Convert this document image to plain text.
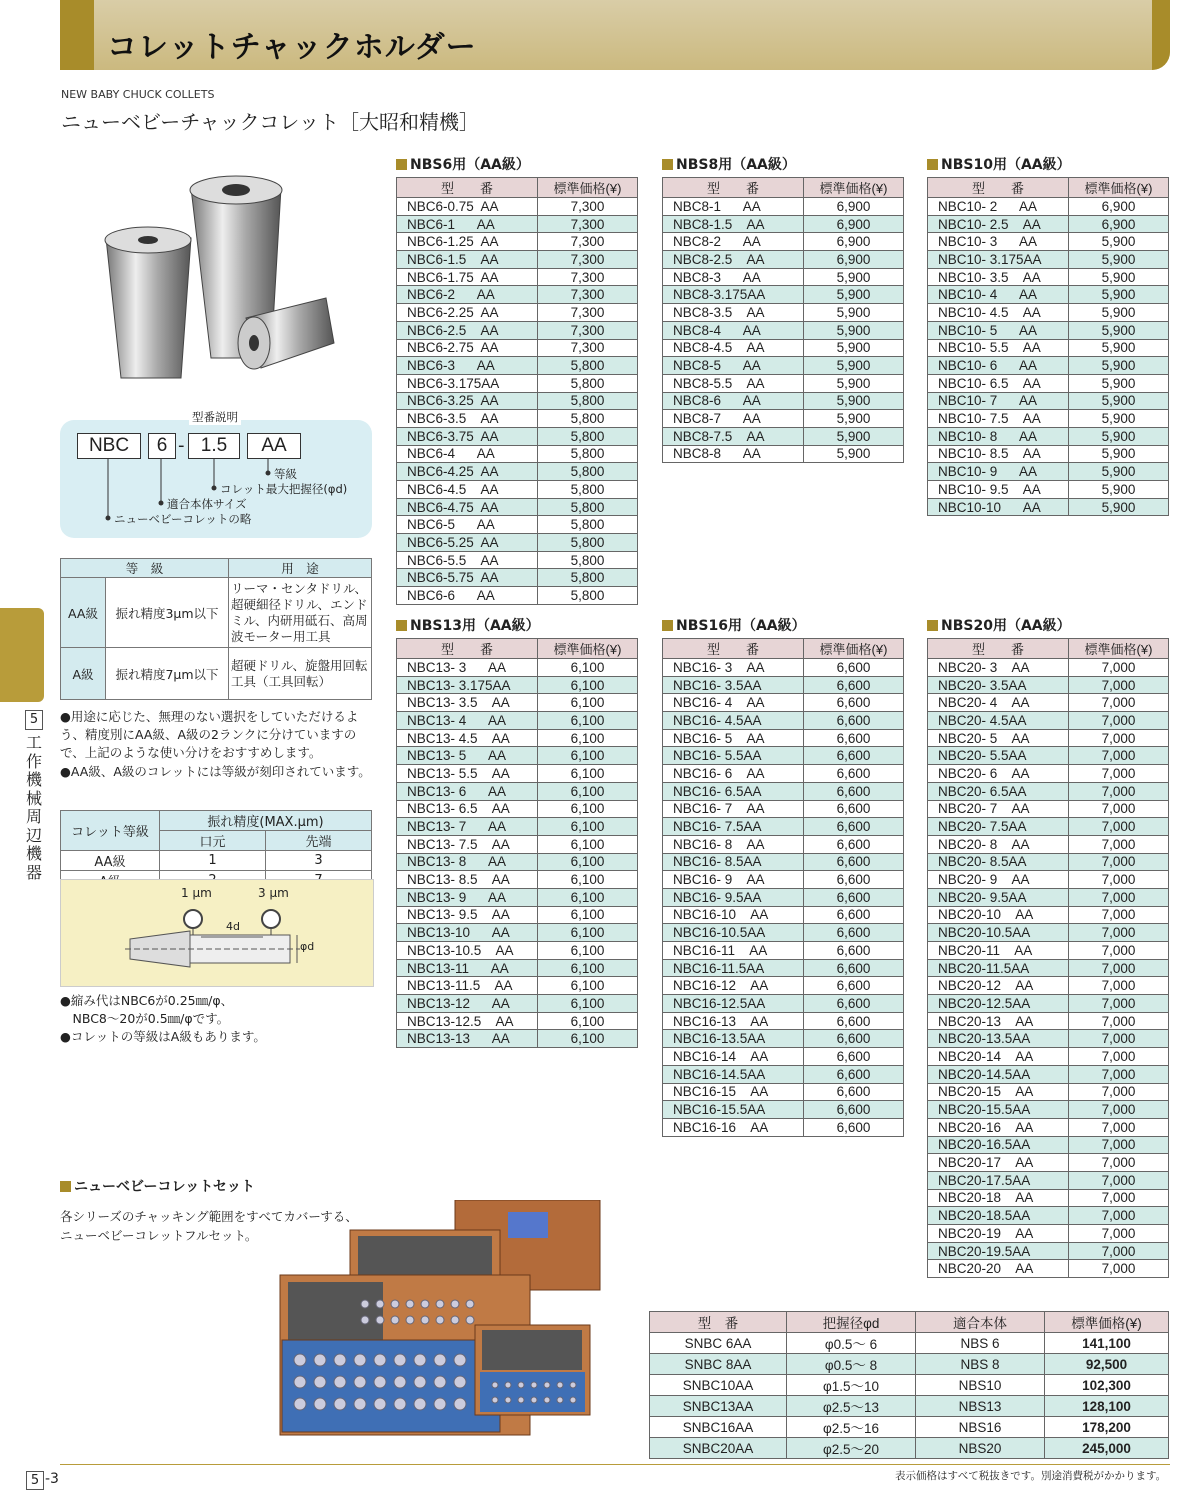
コレットチャックホルダー
NEW BABY CHUCK COLLETS
ニューベビーチャックコレット［大昭和精機］
5
工作機械周辺機器
型番説明
NBC	6 - 1.5	AA
等級
コレット最大把握径(φd)
適合本体サイズ
ニューベビーコレットの略
等　級		用　途
AA級	振れ精度3μm以下	リーマ・センタドリル、超硬細径ドリル、エンドミル、内研用砥石、高周波モーター用工具
A級	振れ精度7μm以下	超硬ドリル、旋盤用回転工具（工具回転）
●用途に応じた、無理のない選択をしていただけるよう、精度別にAA級、A級の2ランクに分けていますので、上記のような使い分けをおすすめします。
●AA級、A級のコレットには等級が刻印されています。
コレット等級	振れ精度(MAX.μm)	
	口元	先端
AA級	1	3

1 μm	3 μm
4d
φd
●縮み代はNBC6が0.25㎜/φ、
　NBC8～20が0.5㎜/φです。
●コレットの等級はA級もあります。
NBS6用（AA級）	NBS8用（AA級）	NBS10用（AA級）
NBS13用（AA級）	NBS16用（AA級）	NBS20用（AA級）
型　　番	標準価格(¥)
NBC6-0.75  AA	7,300
NBC6-1      AA	7,300
NBC6-1.25  AA	7,300
NBC6-1.5    AA	7,300
NBC6-1.75  AA	7,300
NBC6-2      AA	7,300
NBC6-2.25  AA	7,300
NBC6-2.5    AA	7,300
NBC6-2.75  AA	7,300
NBC6-3      AA	5,800
NBC6-3.175AA	5,800
NBC6-3.25  AA	5,800
NBC6-3.5    AA	5,800
NBC6-3.75  AA	5,800
NBC6-4      AA	5,800
NBC6-4.25  AA	5,800
NBC6-4.5    AA	5,800
NBC6-4.75  AA	5,800
NBC6-5      AA	5,800
NBC6-5.25  AA	5,800
NBC6-5.5    AA	5,800
NBC6-5.75  AA	5,800
NBC6-6      AA	5,800
型　　番	標準価格(¥)
NBC8-1      AA	6,900
NBC8-1.5    AA	6,900
NBC8-2      AA	6,900
NBC8-2.5    AA	6,900
NBC8-3      AA	5,900
NBC8-3.175AA	5,900
NBC8-3.5    AA	5,900
NBC8-4      AA	5,900
NBC8-4.5    AA	5,900
NBC8-5      AA	5,900
NBC8-5.5    AA	5,900
NBC8-6      AA	5,900
NBC8-7      AA	5,900
NBC8-7.5    AA	5,900
NBC8-8      AA	5,900
型　　番	標準価格(¥)
NBC10- 2      AA	6,900
NBC10- 2.5    AA	6,900
NBC10- 3      AA	5,900
NBC10- 3.175AA	5,900
NBC10- 3.5    AA	5,900
NBC10- 4      AA	5,900
NBC10- 4.5    AA	5,900
NBC10- 5      AA	5,900
NBC10- 5.5    AA	5,900
NBC10- 6      AA	5,900
NBC10- 6.5    AA	5,900
NBC10- 7      AA	5,900
NBC10- 7.5    AA	5,900
NBC10- 8      AA	5,900
NBC10- 8.5    AA	5,900
NBC10- 9      AA	5,900
NBC10- 9.5    AA	5,900
NBC10-10      AA	5,900
型　　番	標準価格(¥)
NBC13- 3      AA	6,100
NBC13- 3.175AA	6,100
NBC13- 3.5    AA	6,100
NBC13- 4      AA	6,100
NBC13- 4.5    AA	6,100
NBC13- 5      AA	6,100
NBC13- 5.5    AA	6,100
NBC13- 6      AA	6,100
NBC13- 6.5    AA	6,100
NBC13- 7      AA	6,100
NBC13- 7.5    AA	6,100
NBC13- 8      AA	6,100
NBC13- 8.5    AA	6,100
NBC13- 9      AA	6,100
NBC13- 9.5    AA	6,100
NBC13-10      AA	6,100
NBC13-10.5    AA	6,100
NBC13-11      AA	6,100
NBC13-11.5    AA	6,100
NBC13-12      AA	6,100
NBC13-12.5    AA	6,100
NBC13-13      AA	6,100
型　　番	標準価格(¥)
NBC16- 3    AA	6,600
NBC16- 3.5AA	6,600
NBC16- 4    AA	6,600
NBC16- 4.5AA	6,600
NBC16- 5    AA	6,600
NBC16- 5.5AA	6,600
NBC16- 6    AA	6,600
NBC16- 6.5AA	6,600
NBC16- 7    AA	6,600
NBC16- 7.5AA	6,600
NBC16- 8    AA	6,600
NBC16- 8.5AA	6,600
NBC16- 9    AA	6,600
NBC16- 9.5AA	6,600
NBC16-10    AA	6,600
NBC16-10.5AA	6,600
NBC16-11    AA	6,600
NBC16-11.5AA	6,600
NBC16-12    AA	6,600
NBC16-12.5AA	6,600
NBC16-13    AA	6,600
NBC16-13.5AA	6,600
NBC16-14    AA	6,600
NBC16-14.5AA	6,600
NBC16-15    AA	6,600
NBC16-15.5AA	6,600
NBC16-16    AA	6,600
型　　番	標準価格(¥)
NBC20- 3    AA	7,000
NBC20- 3.5AA	7,000
NBC20- 4    AA	7,000
NBC20- 4.5AA	7,000
NBC20- 5    AA	7,000
NBC20- 5.5AA	7,000
NBC20- 6    AA	7,000
NBC20- 6.5AA	7,000
NBC20- 7    AA	7,000
NBC20- 7.5AA	7,000
NBC20- 8    AA	7,000
NBC20- 8.5AA	7,000
NBC20- 9    AA	7,000
NBC20- 9.5AA	7,000
NBC20-10    AA	7,000
NBC20-10.5AA	7,000
NBC20-11    AA	7,000
NBC20-11.5AA	7,000
NBC20-12    AA	7,000
NBC20-12.5AA	7,000
NBC20-13    AA	7,000
NBC20-13.5AA	7,000
NBC20-14    AA	7,000
NBC20-14.5AA	7,000
NBC20-15    AA	7,000
NBC20-15.5AA	7,000
NBC20-16    AA	7,000
NBC20-16.5AA	7,000
NBC20-17    AA	7,000
NBC20-17.5AA	7,000
NBC20-18    AA	7,000
NBC20-18.5AA	7,000
NBC20-19    AA	7,000
NBC20-19.5AA	7,000
NBC20-20    AA	7,000
ニューベビーコレットセット
各シリーズのチャッキング範囲をすべてカバーする、
ニューベビーコレットフルセット。
型　番	把握径φd	適合本体	標準価格(¥)
SNBC 6AA	φ0.5～ 6	NBS 6	141,100
SNBC 8AA	φ0.5～ 8	NBS 8	92,500
SNBC10AA	φ1.5～10	NBS10	102,300
SNBC13AA	φ2.5～13	NBS13	128,100
SNBC16AA	φ2.5～16	NBS16	178,200
SNBC20AA	φ2.5～20	NBS20	245,000
5 -3	表示価格はすべて税抜きです。別途消費税がかかります。
